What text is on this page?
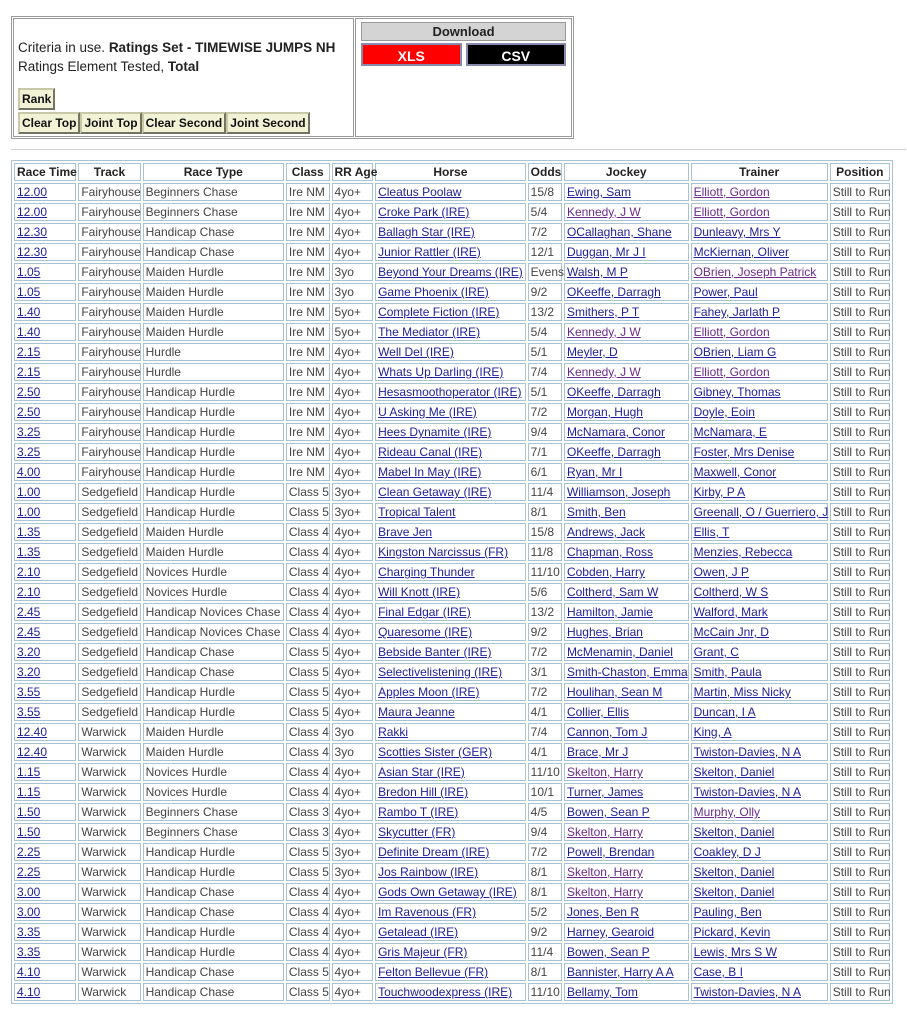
Criteria in use. Ratings Set - TIMEWISE JUMPS NH
Ratings Element Tested, Total
Rank
Clear Top Joint Top Clear Second Joint Second

Download
XLS	CSV
Race Time	Track	Race Type	Class	RR Age	Horse	Odds	Jockey	Trainer	Position
12.00	Fairyhouse	Beginners Chase	Ire NM	4yo+	Cleatus Poolaw	15/8	Ewing, Sam	Elliott, Gordon	Still to Run
12.00	Fairyhouse	Beginners Chase	Ire NM	4yo+	Croke Park (IRE)	5/4	Kennedy, J W	Elliott, Gordon	Still to Run
12.30	Fairyhouse	Handicap Chase	Ire NM	4yo+	Ballagh Star (IRE)	7/2	OCallaghan, Shane	Dunleavy, Mrs Y	Still to Run
12.30	Fairyhouse	Handicap Chase	Ire NM	4yo+	Junior Rattler (IRE)	12/1	Duggan, Mr J I	McKiernan, Oliver	Still to Run
1.05	Fairyhouse	Maiden Hurdle	Ire NM	3yo	Beyond Your Dreams (IRE)	Evens	Walsh, M P	OBrien, Joseph Patrick	Still to Run
1.05	Fairyhouse	Maiden Hurdle	Ire NM	3yo	Game Phoenix (IRE)	9/2	OKeeffe, Darragh	Power, Paul	Still to Run
1.40	Fairyhouse	Maiden Hurdle	Ire NM	5yo+	Complete Fiction (IRE)	13/2	Smithers, P T	Fahey, Jarlath P	Still to Run
1.40	Fairyhouse	Maiden Hurdle	Ire NM	5yo+	The Mediator (IRE)	5/4	Kennedy, J W	Elliott, Gordon	Still to Run
2.15	Fairyhouse	Hurdle	Ire NM	4yo+	Well Del (IRE)	5/1	Meyler, D	OBrien, Liam G	Still to Run
2.15	Fairyhouse	Hurdle	Ire NM	4yo+	Whats Up Darling (IRE)	7/4	Kennedy, J W	Elliott, Gordon	Still to Run
2.50	Fairyhouse	Handicap Hurdle	Ire NM	4yo+	Hesasmoothoperator (IRE)	5/1	OKeeffe, Darragh	Gibney, Thomas	Still to Run
2.50	Fairyhouse	Handicap Hurdle	Ire NM	4yo+	U Asking Me (IRE)	7/2	Morgan, Hugh	Doyle, Eoin	Still to Run
3.25	Fairyhouse	Handicap Hurdle	Ire NM	4yo+	Hees Dynamite (IRE)	9/4	McNamara, Conor	McNamara, E	Still to Run
3.25	Fairyhouse	Handicap Hurdle	Ire NM	4yo+	Rideau Canal (IRE)	7/1	OKeeffe, Darragh	Foster, Mrs Denise	Still to Run
4.00	Fairyhouse	Handicap Hurdle	Ire NM	4yo+	Mabel In May (IRE)	6/1	Ryan, Mr I	Maxwell, Conor	Still to Run
1.00	Sedgefield	Handicap Hurdle	Class 5	3yo+	Clean Getaway (IRE)	11/4	Williamson, Joseph	Kirby, P A	Still to Run
1.00	Sedgefield	Handicap Hurdle	Class 5	3yo+	Tropical Talent	8/1	Smith, Ben	Greenall, O / Guerriero, J	Still to Run
1.35	Sedgefield	Maiden Hurdle	Class 4	4yo+	Brave Jen	15/8	Andrews, Jack	Ellis, T	Still to Run
1.35	Sedgefield	Maiden Hurdle	Class 4	4yo+	Kingston Narcissus (FR)	11/8	Chapman, Ross	Menzies, Rebecca	Still to Run
2.10	Sedgefield	Novices Hurdle	Class 4	4yo+	Charging Thunder	11/10	Cobden, Harry	Owen, J P	Still to Run
2.10	Sedgefield	Novices Hurdle	Class 4	4yo+	Will Knott (IRE)	5/6	Coltherd, Sam W	Coltherd, W S	Still to Run
2.45	Sedgefield	Handicap Novices Chase	Class 4	4yo+	Final Edgar (IRE)	13/2	Hamilton, Jamie	Walford, Mark	Still to Run
2.45	Sedgefield	Handicap Novices Chase	Class 4	4yo+	Quaresome (IRE)	9/2	Hughes, Brian	McCain Jnr, D	Still to Run
3.20	Sedgefield	Handicap Chase	Class 5	4yo+	Bebside Banter (IRE)	7/2	McMenamin, Daniel	Grant, C	Still to Run
3.20	Sedgefield	Handicap Chase	Class 5	4yo+	Selectivelistening (IRE)	3/1	Smith-Chaston, Emma	Smith, Paula	Still to Run
3.55	Sedgefield	Handicap Hurdle	Class 5	4yo+	Apples Moon (IRE)	7/2	Houlihan, Sean M	Martin, Miss Nicky	Still to Run
3.55	Sedgefield	Handicap Hurdle	Class 5	4yo+	Maura Jeanne	4/1	Collier, Ellis	Duncan, I A	Still to Run
12.40	Warwick	Maiden Hurdle	Class 4	3yo	Rakki	7/4	Cannon, Tom J	King, A	Still to Run
12.40	Warwick	Maiden Hurdle	Class 4	3yo	Scotties Sister (GER)	4/1	Brace, Mr J	Twiston-Davies, N A	Still to Run
1.15	Warwick	Novices Hurdle	Class 4	4yo+	Asian Star (IRE)	11/10	Skelton, Harry	Skelton, Daniel	Still to Run
1.15	Warwick	Novices Hurdle	Class 4	4yo+	Bredon Hill (IRE)	10/1	Turner, James	Twiston-Davies, N A	Still to Run
1.50	Warwick	Beginners Chase	Class 3	4yo+	Rambo T (IRE)	4/5	Bowen, Sean P	Murphy, Olly	Still to Run
1.50	Warwick	Beginners Chase	Class 3	4yo+	Skycutter (FR)	9/4	Skelton, Harry	Skelton, Daniel	Still to Run
2.25	Warwick	Handicap Hurdle	Class 5	3yo+	Definite Dream (IRE)	7/2	Powell, Brendan	Coakley, D J	Still to Run
2.25	Warwick	Handicap Hurdle	Class 5	3yo+	Jos Rainbow (IRE)	8/1	Skelton, Harry	Skelton, Daniel	Still to Run
3.00	Warwick	Handicap Chase	Class 4	4yo+	Gods Own Getaway (IRE)	8/1	Skelton, Harry	Skelton, Daniel	Still to Run
3.00	Warwick	Handicap Chase	Class 4	4yo+	Im Ravenous (FR)	5/2	Jones, Ben R	Pauling, Ben	Still to Run
3.35	Warwick	Handicap Hurdle	Class 4	4yo+	Getalead (IRE)	9/2	Harney, Gearoid	Pickard, Kevin	Still to Run
3.35	Warwick	Handicap Hurdle	Class 4	4yo+	Gris Majeur (FR)	11/4	Bowen, Sean P	Lewis, Mrs S W	Still to Run
4.10	Warwick	Handicap Chase	Class 5	4yo+	Felton Bellevue (FR)	8/1	Bannister, Harry A A	Case, B I	Still to Run
4.10	Warwick	Handicap Chase	Class 5	4yo+	Touchwoodexpress (IRE)	11/10	Bellamy, Tom	Twiston-Davies, N A	Still to Run
